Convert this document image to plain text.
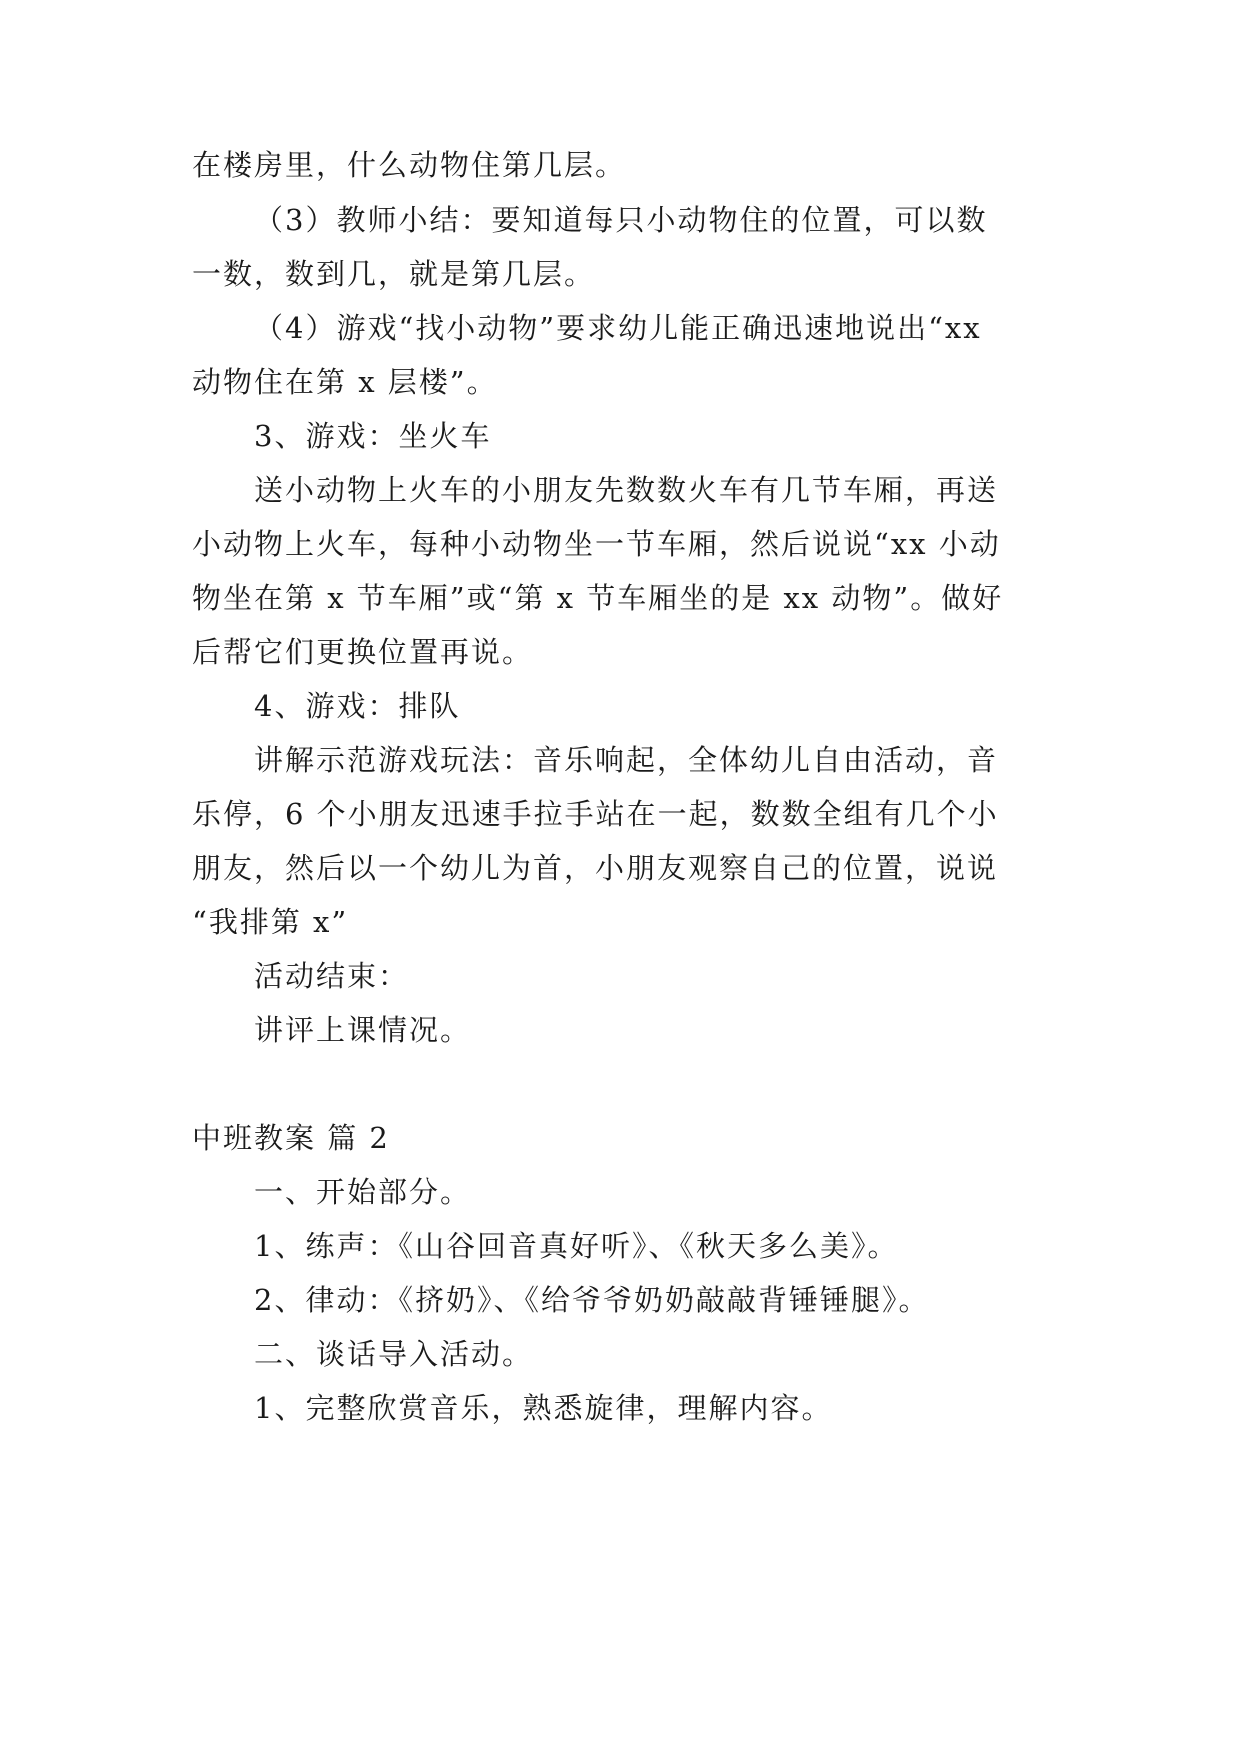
在楼房里，什么动物住第几层。
（3）教师小结：要知道每只小动物住的位置，可以数
一数，数到几，就是第几层。
（4）游戏“找小动物”要求幼儿能正确迅速地说出“xx
动物住在第 x 层楼”。
3、游戏：坐火车
送小动物上火车的小朋友先数数火车有几节车厢，再送
小动物上火车，每种小动物坐一节车厢，然后说说“xx 小动
物坐在第 x 节车厢”或“第 x 节车厢坐的是 xx 动物”。做好
后帮它们更换位置再说。
4、游戏：排队
讲解示范游戏玩法：音乐响起，全体幼儿自由活动，音
乐停，6 个小朋友迅速手拉手站在一起，数数全组有几个小
朋友，然后以一个幼儿为首，小朋友观察自己的位置，说说
“我排第 x”
活动结束：
讲评上课情况。
中班教案 篇 2
一、开始部分。
1、练声：《山谷回音真好听》、《秋天多么美》。
2、律动：《挤奶》、《给爷爷奶奶敲敲背锤锤腿》。
二、谈话导入活动。
1、完整欣赏音乐，熟悉旋律，理解内容。
